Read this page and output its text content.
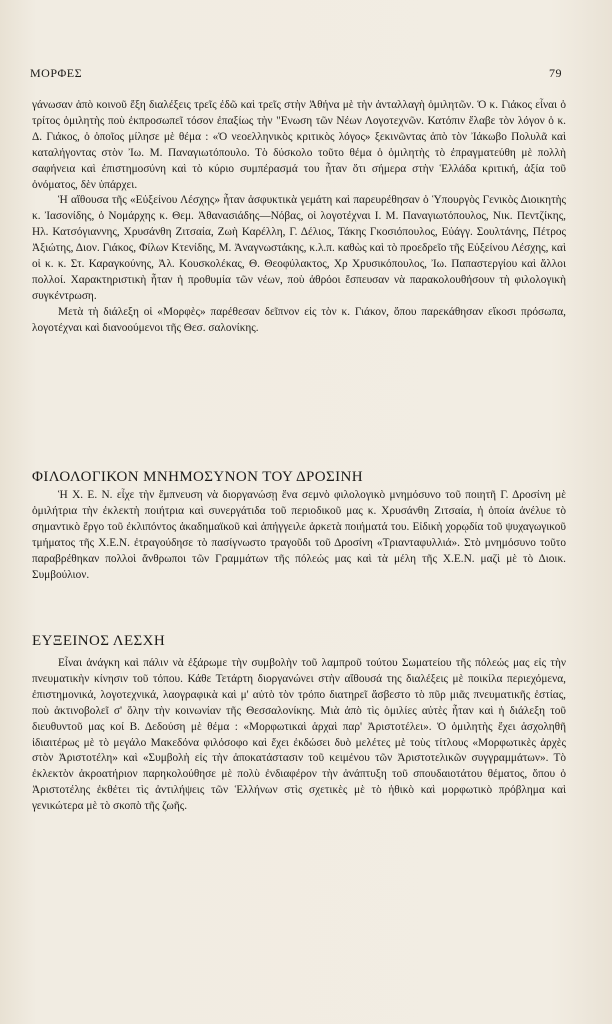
ΜΟΡΦΕΣ	79

γάνωσαν ἀπὸ κοινοῦ ἔξη διαλέξεις τρεῖς ἐδῶ καὶ τρεῖς στὴν Ἀθήνα μὲ τὴν ἀνταλλαγὴ ὁμιλητῶν. Ὁ κ. Γιάκος εἶναι ὁ τρίτος ὁμιλητὴς ποὺ ἐκπροσωπεῖ τόσον ἐπαξίως τὴν "Ενωση τῶν Νέων Λογοτεχνῶν. Κατόπιν ἔλαβε τὸν λόγον ὁ κ. Δ. Γιάκος, ὁ ὁποῖος μίλησε μὲ θέμα : «Ὁ νεοελληνικὸς κριτικὸς λόγος» ξεκινῶντας ἀπὸ τὸν Ἰάκωβο Πολυλᾶ καὶ καταλήγοντας στὸν Ἰω. Μ. Παναγιωτόπουλο. Τὸ δύσκολο τοῦτο θέμα ὁ ὁμιλητὴς τὸ ἐπραγματεύθη μὲ πολλὴ σαφήνεια καὶ ἐπιστημοσύνη καὶ τὸ κύριο συμπέρασμά του ἦταν ὅτι σήμερα στὴν Ἑλλάδα κριτική, ἀξία τοῦ ὀνόματος, δὲν ὑπάρχει.

Ἡ αἴθουσα τῆς «Εὐξείνου Λέσχης» ἦταν ἀσφυκτικὰ γεμάτη καὶ παρευρέθησαν ὁ Ὑπουργὸς Γενικὸς Διοικητὴς κ. Ἰασονίδης, ὁ Νομάρχης κ. Θεμ. Ἀθανασιάδης—Νόβας, οἱ λογοτέχναι Ι. Μ. Παναγιωτόπουλος, Νικ. Πεντζίκης, Ηλ. Κατσόγιαννης, Χρυσάνθη Ζιτσαία, Ζωὴ Καρέλλη, Γ. Δέλιος, Τάκης Γκοσιόπουλος, Εὐάγγ. Σουλτάνης, Πέτρος Ἀξιώτης, Διον. Γιάκος, Φίλων Κτενίδης, Μ. Ἀναγνωστάκης, κ.λ.π. καθὼς καὶ τὸ προεδρεῖο τῆς Εὐξείνου Λέσχης, καὶ οἱ κ. κ. Στ. Καραγκούνης, Ἀλ. Κουσκολέκας, Θ. Θεοφύλακτος, Χρ Χρυσικόπουλος, Ἰω. Παπαστεργίου καὶ ἄλλοι πολλοί. Χαρακτηριστικὴ ἦταν ἡ προθυμία τῶν νέων, ποὺ ἀθρόοι ἔσπευσαν νὰ παρακολουθήσουν τὴ φιλολογικὴ συγκέντρωση.

Μετὰ τὴ διάλεξη οἱ «Μορφὲς» παρέθεσαν δεῖπνον εἰς τὸν κ. Γιάκον, ὅπου παρεκάθησαν εἴκοσι πρόσωπα, λογοτέχναι καὶ διανοούμενοι τῆς Θεσ. σαλονίκης.

ΦΙΛΟΛΟΓΙΚΟΝ ΜΝΗΜΟΣΥΝΟΝ ΤΟΥ ΔΡΟΣΙΝΗ

Ἡ Χ. Ε. Ν. εἶχε τὴν ἔμπνευση νὰ διοργανώσῃ ἕνα σεμνὸ φιλολογικὸ μνημόσυνο τοῦ ποιητῆ Γ. Δροσίνη μὲ ὁμιλήτρια τὴν ἐκλεκτὴ ποιήτρια καὶ συνεργάτιδα τοῦ περιοδικοῦ μας κ. Χρυσάνθη Ζιτσαία, ἡ ὁποία ἀνέλυε τὸ σημαντικὸ ἔργο τοῦ ἐκλιπόντος ἀκαδημαϊκοῦ καὶ ἀπήγγειλε ἀρκετὰ ποιήματά του. Εἰδικὴ χορῳδία τοῦ ψυχαγωγικοῦ τμήματος τῆς Χ.Ε.Ν. ἐτραγούδησε τὸ πασίγνωστο τραγοῦδι τοῦ Δροσίνη «Τριανταφυλλιά». Στὸ μνημόσυνο τοῦτο παραβρέθηκαν πολλοὶ ἄνθρωποι τῶν Γραμμάτων τῆς πόλεώς μας καὶ τὰ μέλη τῆς Χ.Ε.Ν. μαζὶ μὲ τὸ Διοικ. Συμβούλιον.

ΕΥΞΕΙΝΟΣ ΛΕΣΧΗ

Εἶναι ἀνάγκη καὶ πάλιν νὰ ἐξάρωμε τὴν συμβολὴν τοῦ λαμπροῦ τούτου Σωματείου τῆς πόλεώς μας εἰς τὴν πνευματικὴν κίνησιν τοῦ τόπου. Κάθε Τετάρτη διοργανώνει στὴν αἴθουσά της διαλέξεις μὲ ποικίλα περιεχόμενα, ἐπιστημονικά, λογοτεχνικά, λαογραφικὰ καὶ μ' αὐτὸ τὸν τρόπο διατηρεῖ ἄσβεστο τὸ πῦρ μιᾶς πνευματικῆς ἑστίας, ποὺ ἀκτινοβολεῖ σ' ὅλην τὴν κοινωνίαν τῆς Θεσσαλονίκης. Μιὰ ἀπὸ τὶς ὁμιλίες αὐτὲς ἦταν καὶ ἡ διάλεξη τοῦ διευθυντοῦ μας κοί Β. Δεδούση μὲ θέμα : «Μορφωτικαὶ ἀρχαὶ παρ' Ἀριστοτέλει». Ὁ ὁμιλητὴς ἔχει ἀσχοληθῆ ἰδιαιτέρως μὲ τὸ μεγάλο Μακεδόνα φιλόσοφο καὶ ἔχει ἐκδώσει δυὸ μελέτες μὲ τοὺς τίτλους «Μορφωτικὲς ἀρχὲς στὸν Ἀριστοτέλη» καὶ «Συμβολὴ εἰς τὴν ἀποκατάστασιν τοῦ κειμένου τῶν Ἀριστοτελικῶν συγγραμμάτων». Τὸ ἐκλεκτὸν ἀκροατήριον παρηκολούθησε μὲ πολὺ ἐνδιαφέρον τὴν ἀνάπτυξη τοῦ σπουδαιοτάτου θέματος, ὅπου ὁ Ἀριστοτέλης ἐκθέτει τὶς ἀντιλήψεις τῶν Ἑλλήνων στὶς σχετικὲς μὲ τὸ ἠθικὸ καὶ μορφωτικὸ πρόβλημα καὶ γενικώτερα μὲ τὸ σκοπὸ τῆς ζωῆς.
